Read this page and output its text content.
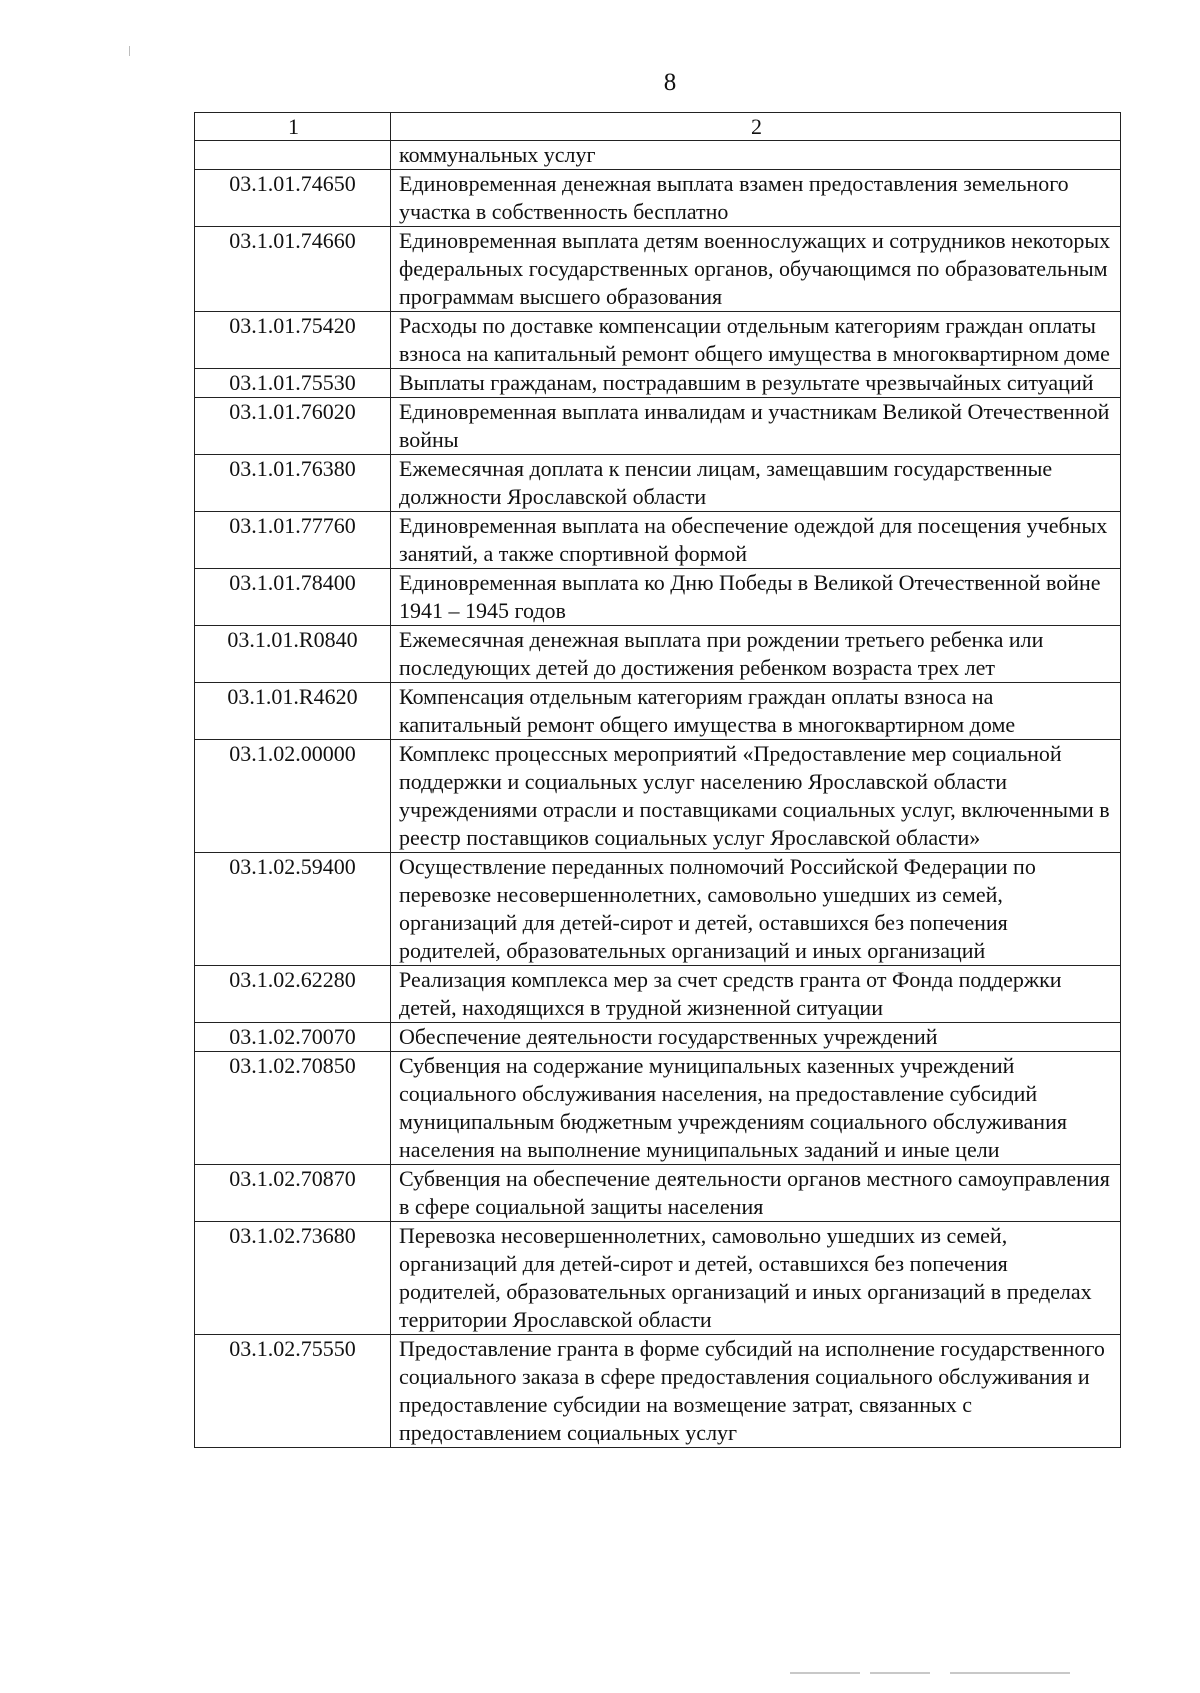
8
1	2
	коммунальных услуг
03.1.01.74650	Единовременная денежная выплата взамен предоставления земельного участка в собственность бесплатно
03.1.01.74660	Единовременная выплата детям военнослужащих и сотрудников некоторых федеральных государственных органов, обучающимся по образовательным программам высшего образования
03.1.01.75420	Расходы по доставке компенсации отдельным категориям граждан оплаты взноса на капитальный ремонт общего имущества в многоквартирном доме
03.1.01.75530	Выплаты гражданам, пострадавшим в результате чрезвычайных ситуаций
03.1.01.76020	Единовременная выплата инвалидам и участникам Великой Отечественной войны
03.1.01.76380	Ежемесячная доплата к пенсии лицам, замещавшим государственные должности Ярославской области
03.1.01.77760	Единовременная выплата на обеспечение одеждой для посещения учебных занятий, а также спортивной формой
03.1.01.78400	Единовременная выплата ко Дню Победы в Великой Отечественной войне 1941 – 1945 годов
03.1.01.R0840	Ежемесячная денежная выплата при рождении третьего ребенка или последующих детей до достижения ребенком возраста трех лет
03.1.01.R4620	Компенсация отдельным категориям граждан оплаты взноса на капитальный ремонт общего имущества в многоквартирном доме
03.1.02.00000	Комплекс процессных мероприятий «Предоставление мер социальной поддержки и социальных услуг населению Ярославской области учреждениями отрасли и поставщиками социальных услуг, включенными в реестр поставщиков социальных услуг Ярославской области»
03.1.02.59400	Осуществление переданных полномочий Российской Федерации по перевозке несовершеннолетних, самовольно ушедших из семей, организаций для детей-сирот и детей, оставшихся без попечения родителей, образовательных организаций и иных организаций
03.1.02.62280	Реализация комплекса мер за счет средств гранта от Фонда поддержки детей, находящихся в трудной жизненной ситуации
03.1.02.70070	Обеспечение деятельности государственных учреждений
03.1.02.70850	Субвенция на содержание муниципальных казенных учреждений социального обслуживания населения, на предоставление субсидий муниципальным бюджетным учреждениям социального обслуживания населения на выполнение муниципальных заданий и иные цели
03.1.02.70870	Субвенция на обеспечение деятельности органов местного самоуправления в сфере социальной защиты населения
03.1.02.73680	Перевозка несовершеннолетних, самовольно ушедших из семей, организаций для детей-сирот и детей, оставшихся без попечения родителей, образовательных организаций и иных организаций в пределах территории Ярославской области
03.1.02.75550	Предоставление гранта в форме субсидий на исполнение государственного социального заказа в сфере предоставления социального обслуживания и предоставление субсидии на возмещение затрат, связанных с предоставлением социальных услуг
